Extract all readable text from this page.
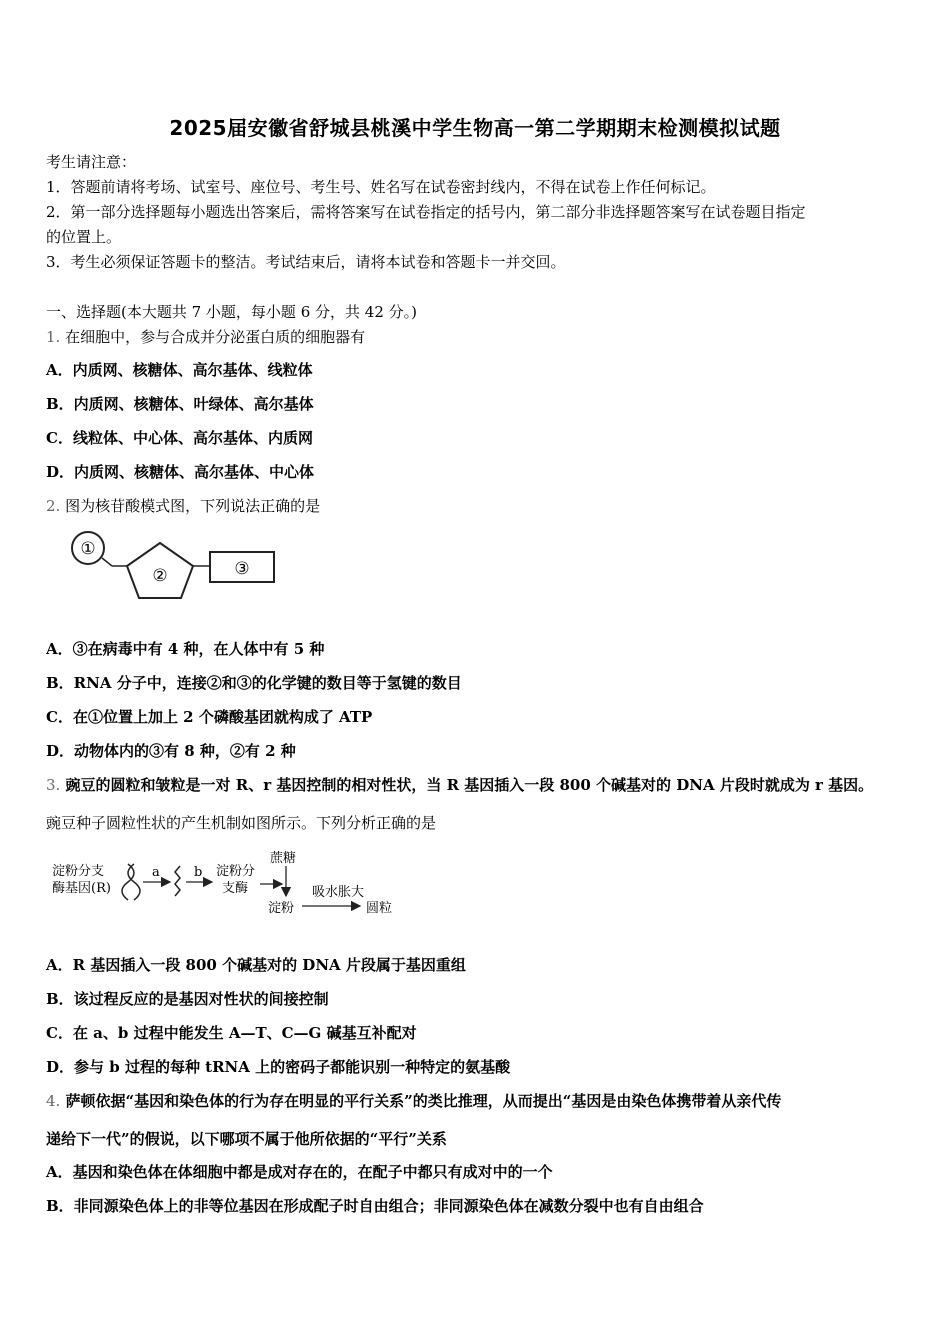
2025届安徽省舒城县桃溪中学生物高一第二学期期末检测模拟试题
考生请注意：
1．答题前请将考场、试室号、座位号、考生号、姓名写在试卷密封线内，不得在试卷上作任何标记。
2．第一部分选择题每小题选出答案后，需将答案写在试卷指定的括号内，第二部分非选择题答案写在试卷题目指定
的位置上。
3．考生必须保证答题卡的整洁。考试结束后，请将本试卷和答题卡一并交回。
一、选择题(本大题共 7 小题，每小题 6 分，共 42 分。)
1. 在细胞中，参与合成并分泌蛋白质的细胞器有
A．内质网、核糖体、高尔基体、线粒体
B．内质网、核糖体、叶绿体、高尔基体
C．线粒体、中心体、高尔基体、内质网
D．内质网、核糖体、高尔基体、中心体
2. 图为核苷酸模式图，下列说法正确的是
①
②	③
A．③在病毒中有 4 种，在人体中有 5 种
B．RNA 分子中，连接②和③的化学键的数目等于氢键的数目
C．在①位置上加上 2 个磷酸基团就构成了 ATP
D．动物体内的③有 8 种，②有 2 种
3. 豌豆的圆粒和皱粒是一对 R、r 基因控制的相对性状，当 R 基因插入一段 800 个碱基对的 DNA 片段时就成为 r 基因。
豌豆种子圆粒性状的产生机制如图所示。下列分析正确的是
淀粉分支
酶基因(R)
a	b 淀粉分
支酶
蔗糖
淀粉
吸水胀大
圆粒
A．R 基因插入一段 800 个碱基对的 DNA 片段属于基因重组
B．该过程反应的是基因对性状的间接控制
C．在 a、b 过程中能发生 A—T、C—G 碱基互补配对
D．参与 b 过程的每种 tRNA 上的密码子都能识别一种特定的氨基酸
4. 萨顿依据“基因和染色体的行为存在明显的平行关系”的类比推理，从而提出“基因是由染色体携带着从亲代传
递给下一代”的假说，以下哪项不属于他所依据的“平行”关系
A．基因和染色体在体细胞中都是成对存在的，在配子中都只有成对中的一个
B．非同源染色体上的非等位基因在形成配子时自由组合；非同源染色体在减数分裂中也有自由组合
